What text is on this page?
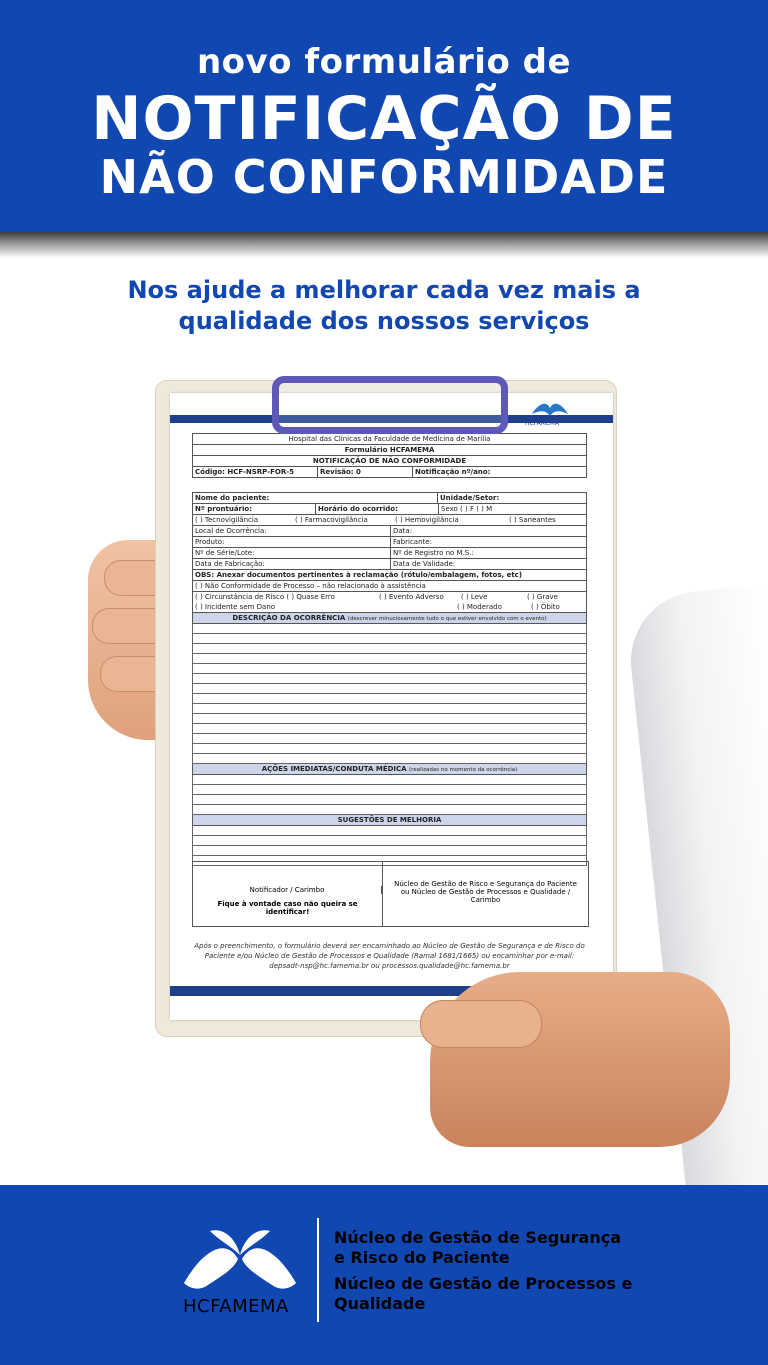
novo formulário de
NOTIFICAÇÃO DE
NÃO CONFORMIDADE
Nos ajude a melhorar cada vez mais a
qualidade dos nossos serviços
HCFAMEMA
Hospital das Clínicas da Faculdade de Medicina de Marília
Formulário HCFAMEMA
NOTIFICAÇÃO DE NÃO CONFORMIDADE
Código: HCF-NSRP-FOR-5	Revisão: 0	Notificação nº/ano:
Nome do paciente:	Unidade/Setor:
Nº prontuário:	Horário do ocorrido:	Sexo ( ) F ( ) M
( ) Tecnovigilância	( ) Farmacovigilância	( ) Hemovigilância	( ) Saneantes
Local de Ocorrência:	Data:
Produto:	Fabricante:
Nº de Série/Lote:	Nº de Registro no M.S.:
Data de Fabricação:	Data de Validade:
OBS: Anexar documentos pertinentes à reclamação (rótulo/embalagem, fotos, etc)
( ) Não Conformidade de Processo – não relacionado à assistência
( ) Circunstância de Risco ( ) Quase Erro	( ) Evento Adverso	( ) Leve	( ) Grave
( ) Incidente sem Dano	( ) Moderado	( ) Óbito
DESCRIÇÃO DA OCORRÊNCIA (descrever minuciosamente tudo o que estiver envolvido com o evento)
AÇÕES IMEDIATAS/CONDUTA MÉDICA (realizadas no momento da ocorrência)
SUGESTÕES DE MELHORIA
Notificador / Carimbo
Fique à vontade caso não queira se identificar!
Núcleo de Gestão de Risco e Segurança do Paciente ou Núcleo de Gestão de Processos e Qualidade / Carimbo
Após o preenchimento, o formulário deverá ser encaminhado ao Núcleo de Gestão de Segurança e de Risco do Paciente e/ou Núcleo de Gestão de Processos e Qualidade (Ramal 1681/1665) ou encaminhar por e-mail: depsadt-nsp@hc.famema.br ou processos.qualidade@hc.famema.br
HCFAMEMA
Núcleo de Gestão de Segurança e Risco do Paciente
Núcleo de Gestão de Processos e Qualidade
